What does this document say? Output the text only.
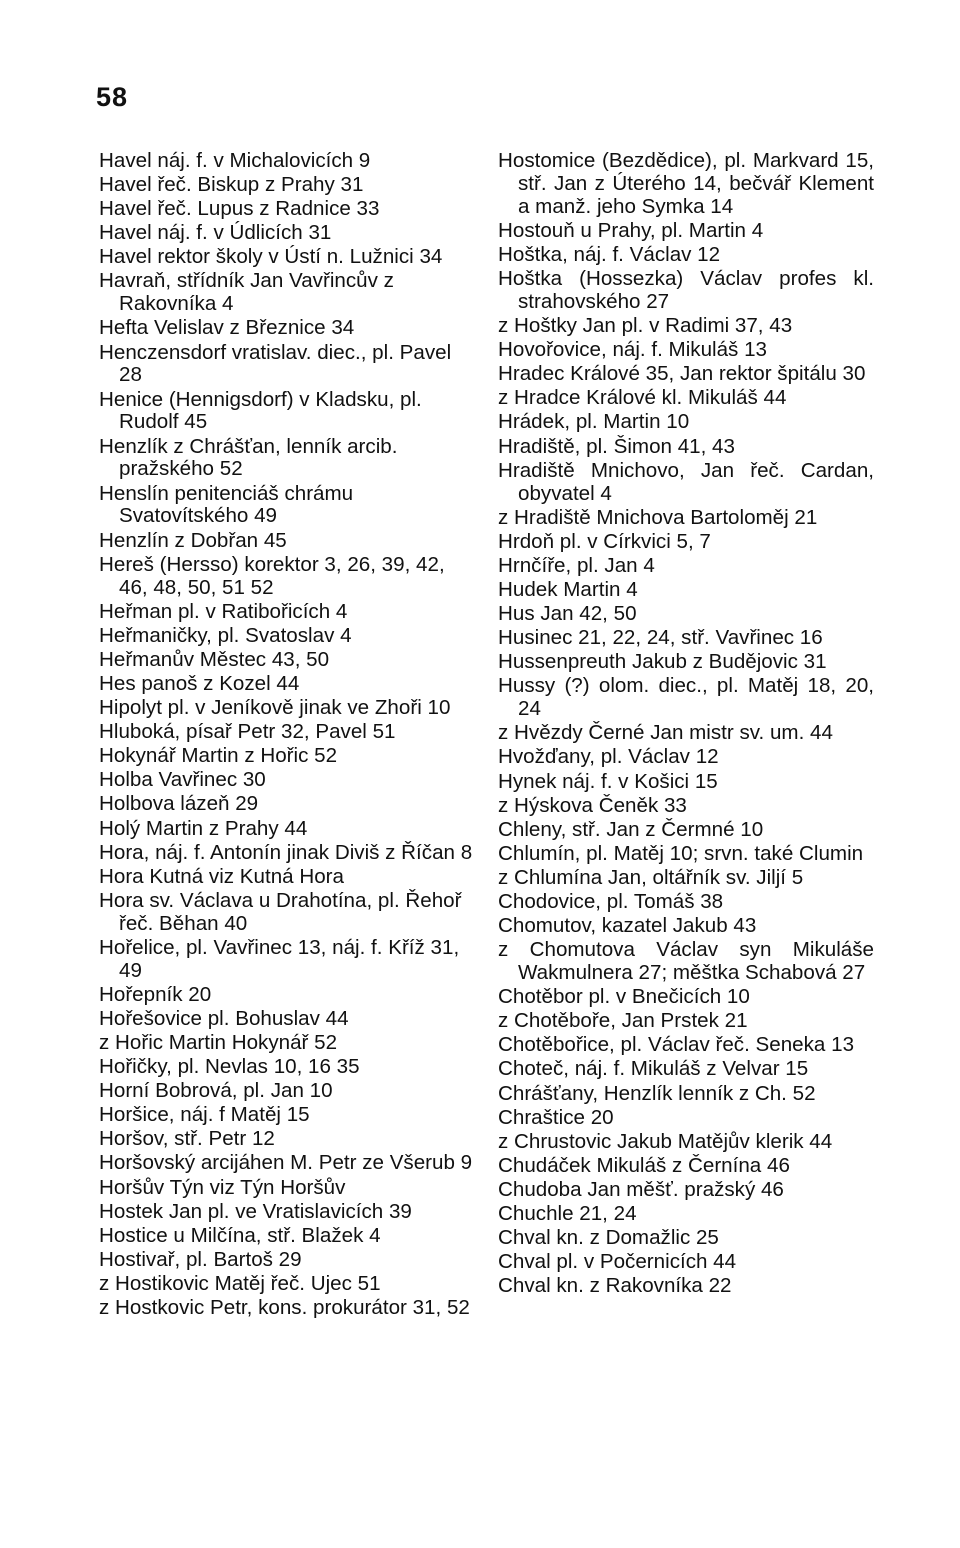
58
Havel náj. f. v Michalovicích 9
Havel řeč. Biskup z Prahy 31
Havel řeč. Lupus z Radnice 33
Havel náj. f. v Údlicích 31
Havel rektor školy v Ústí n. Lužnici 34
Havraň, střídník Jan Vavřincův z Rakovníka 4
Hefta Velislav z Březnice 34
Henczensdorf vratislav. diec., pl. Pavel 28
Henice (Hennigsdorf) v Kladsku, pl. Rudolf 45
Henzlík z Chrášťan, lenník arcib. pražského 52
Henslín penitenciáš chrámu Svatovítského 49
Henzlín z Dobřan 45
Hereš (Hersso) korektor 3, 26, 39, 42, 46, 48, 50, 51 52
Heřman pl. v Ratibořicích 4
Heřmaničky, pl. Svatoslav 4
Heřmanův Městec 43, 50
Hes panoš z Kozel 44
Hipolyt pl. v Jeníkově jinak ve Zhoři 10
Hluboká, písař Petr 32, Pavel 51
Hokynář Martin z Hořic 52
Holba Vavřinec 30
Holbova lázeň 29
Holý Martin z Prahy 44
Hora, náj. f. Antonín jinak Diviš z Říčan 8
Hora Kutná viz Kutná Hora
Hora sv. Václava u Drahotína, pl. Řehoř řeč. Běhan 40
Hořelice, pl. Vavřinec 13, náj. f. Kříž 31, 49
Hořepník 20
Hořešovice pl. Bohuslav 44
z Hořic Martin Hokynář 52
Hořičky, pl. Nevlas 10, 16 35
Horní Bobrová, pl. Jan 10
Horšice, náj. f Matěj 15
Horšov, stř. Petr 12
Horšovský arcijáhen M. Petr ze Všerub 9
Horšův Týn viz Týn Horšův
Hostek Jan pl. ve Vratislavicích 39
Hostice u Milčína, stř. Blažek 4
Hostivař, pl. Bartoš 29
z Hostikovic Matěj řeč. Ujec 51
z Hostkovic Petr, kons. prokurátor 31, 52
Hostomice (Bezdědice), pl. Markvard 15, stř. Jan z Úterého 14, bečvář Klement a manž. jeho Symka 14
Hostouň u Prahy, pl. Martin 4
Hoštka, náj. f. Václav 12
Hoštka (Hossezka) Václav profes kl. strahovského 27
z Hoštky Jan pl. v Radimi 37, 43
Hovořovice, náj. f. Mikuláš 13
Hradec Králové 35, Jan rektor špitálu 30
z Hradce Králové kl. Mikuláš 44
Hrádek, pl. Martin 10
Hradiště, pl. Šimon 41, 43
Hradiště Mnichovo, Jan řeč. Cardan, obyvatel 4
z Hradiště Mnichova Bartoloměj 21
Hrdoň pl. v Církvici 5, 7
Hrnčíře, pl. Jan 4
Hudek Martin 4
Hus Jan 42, 50
Husinec 21, 22, 24, stř. Vavřinec 16
Hussenpreuth Jakub z Budějovic 31
Hussy (?) olom. diec., pl. Matěj 18, 20, 24
z Hvězdy Černé Jan mistr sv. um. 44
Hvožďany, pl. Václav 12
Hynek náj. f. v Košici 15
z Hýskova Čeněk 33
Chleny, stř. Jan z Čermné 10
Chlumín, pl. Matěj 10; srvn. také Clumin
z Chlumína Jan, oltářník sv. Jiljí 5
Chodovice, pl. Tomáš 38
Chomutov, kazatel Jakub 43
z Chomutova Václav syn Mikuláše Wakmulnera 27; měštka Schabová 27
Chotěbor pl. v Bnečicích 10
z Chotěboře, Jan Prstek 21
Chotěbořice, pl. Václav řeč. Seneka 13
Choteč, náj. f. Mikuláš z Velvar 15
Chrášťany, Henzlík lenník z Ch. 52
Chraštice 20
z Chrustovic Jakub Matějův klerik 44
Chudáček Mikuláš z Černína 46
Chudoba Jan měšť. pražský 46
Chuchle 21, 24
Chval kn. z Domažlic 25
Chval pl. v Počernicích 44
Chval kn. z Rakovníka 22
